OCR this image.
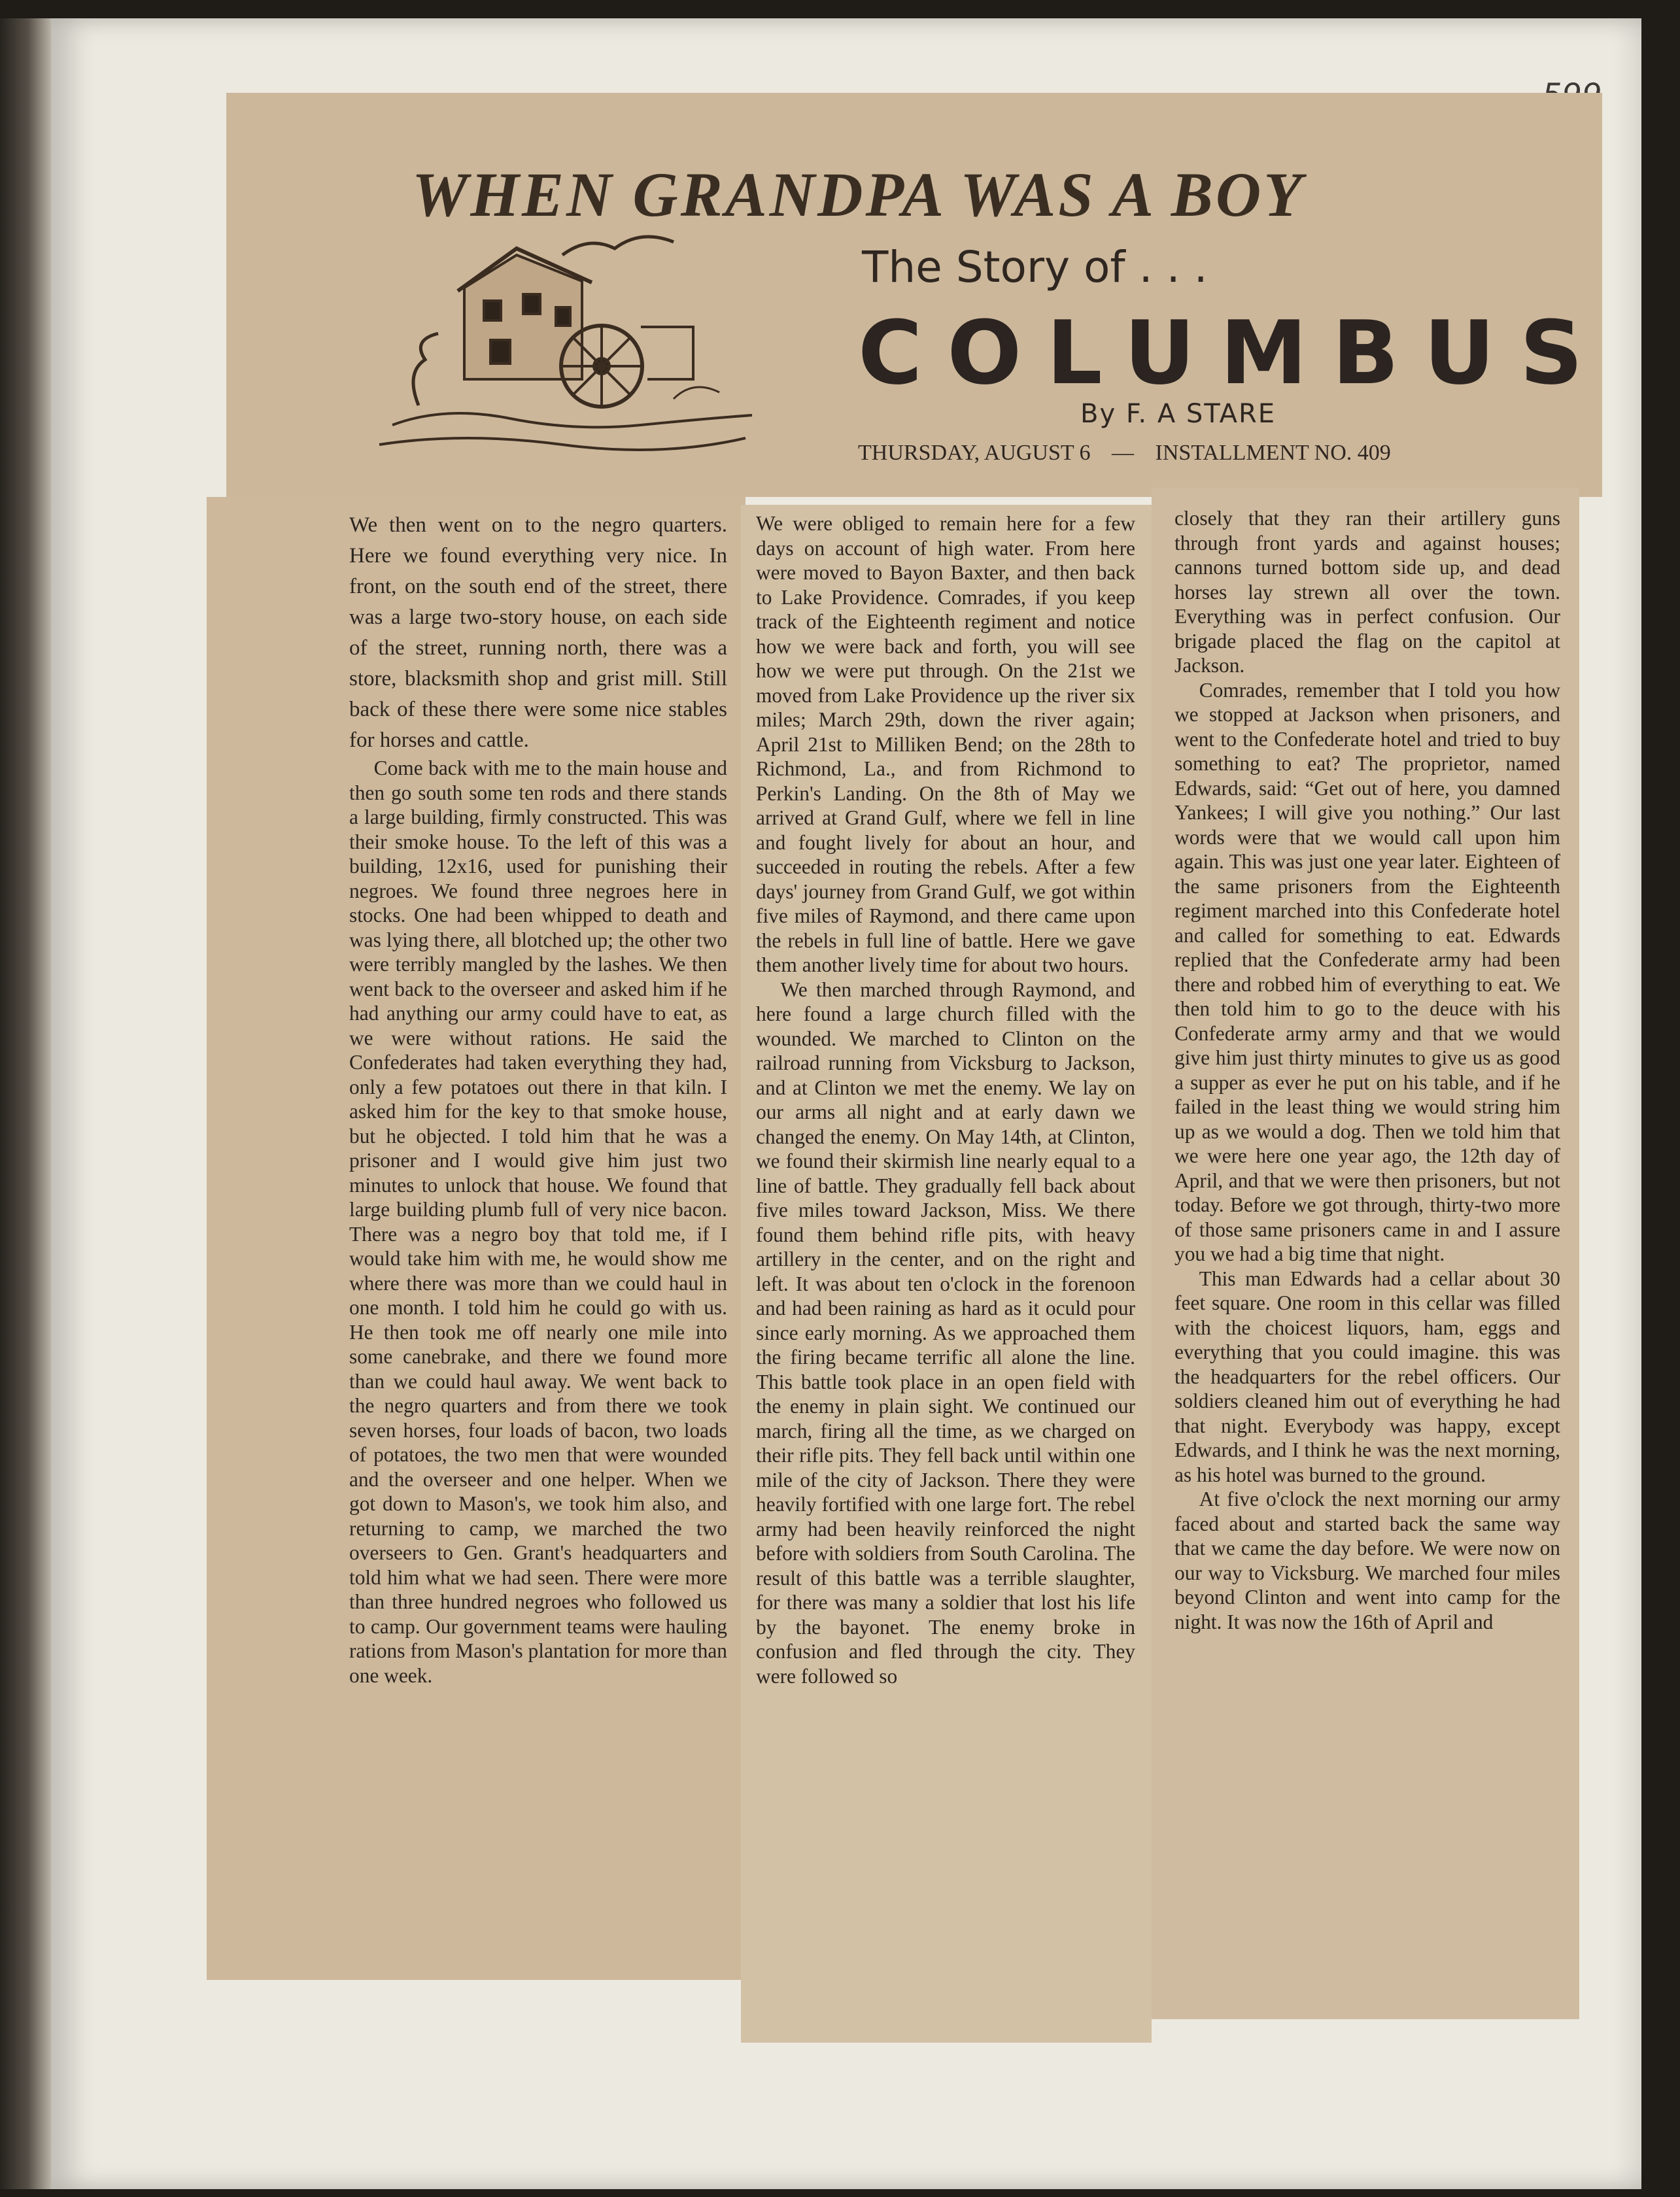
WHEN GRANDPA WAS A BOY
The Story of . . .
COLUMBUS
By F. A STARE
THURSDAY, AUGUST 6 — INSTALLMENT NO. 409

We then went on to the negro quarters. Here we found everything very nice. In front, on the south end of the street, there was a large two-story house, on each side of the street, running north, there was a store, blacksmith shop and grist mill. Still back of these there were some nice stables for horses and cattle.

Come back with me to the main house and then go south some ten rods and there stands a large building, firmly constructed. This was their smoke house. To the left of this was a building, 12x16, used for punishing their negroes. We found three negroes here in stocks. One had been whipped to death and was lying there, all blotched up; the other two were terribly mangled by the lashes. We then went back to the overseer and asked him if he had anything our army could have to eat, as we were without rations. He said the Confederates had taken everything they had, only a few potatoes out there in that kiln. I asked him for the key to that smoke house, but he objected. I told him that he was a prisoner and I would give him just two minutes to unlock that house. We found that large building plumb full of very nice bacon. There was a negro boy that told me, if I would take him with me, he would show me where there was more than we could haul in one month. I told him he could go with us. He then took me off nearly one mile into some canebrake, and there we found more than we could haul away. We went back to the negro quarters and from there we took seven horses, four loads of bacon, two loads of potatoes, the two men that were wounded and the overseer and one helper. When we got down to Mason's, we took him also, and returning to camp, we marched the two overseers to Gen. Grant's headquarters and told him what we had seen. There were more than three hundred negroes who followed us to camp. Our government teams were hauling rations from Mason's plantation for more than one week.

We were obliged to remain here for a few days on account of high water. From here were moved to Bayon Baxter, and then back to Lake Providence. Comrades, if you keep track of the Eighteenth regiment and notice how we were back and forth, you will see how we were put through. On the 21st we moved from Lake Providence up the river six miles; March 29th, down the river again; April 21st to Milliken Bend; on the 28th to Richmond, La., and from Richmond to Perkin's Landing. On the 8th of May we arrived at Grand Gulf, where we fell in line and fought lively for about an hour, and succeeded in routing the rebels. After a few days' journey from Grand Gulf, we got within five miles of Raymond, and there came upon the rebels in full line of battle. Here we gave them another lively time for about two hours.

We then marched through Raymond, and here found a large church filled with the wounded. We marched to Clinton on the railroad running from Vicksburg to Jackson, and at Clinton we met the enemy. We lay on our arms all night and at early dawn we changed the enemy. On May 14th, at Clinton, we found their skirmish line nearly equal to a line of battle. They gradually fell back about five miles toward Jackson, Miss. We there found them behind rifle pits, with heavy artillery in the center, and on the right and left. It was about ten o'clock in the forenoon and had been raining as hard as it oculd pour since early morning. As we approached them the firing became terrific all alone the line. This battle took place in an open field with the enemy in plain sight. We continued our march, firing all the time, as we charged on their rifle pits. They fell back until within one mile of the city of Jackson. There they were heavily fortified with one large fort. The rebel army had been heavily reinforced the night before with soldiers from South Carolina. The result of this battle was a terrible slaughter, for there was many a soldier that lost his life by the bayonet. The enemy broke in confusion and fled through the city. They were followed so

closely that they ran their artillery guns through front yards and against houses; cannons turned bottom side up, and dead horses lay strewn all over the town. Everything was in perfect confusion. Our brigade placed the flag on the capitol at Jackson.

Comrades, remember that I told you how we stopped at Jackson when prisoners, and went to the Confederate hotel and tried to buy something to eat? The proprietor, named Edwards, said: “Get out of here, you damned Yankees; I will give you nothing.” Our last words were that we would call upon him again. This was just one year later. Eighteen of the same prisoners from the Eighteenth regiment marched into this Confederate hotel and called for something to eat. Edwards replied that the Confederate army had been there and robbed him of everything to eat. We then told him to go to the deuce with his Confederate army army and that we would give him just thirty minutes to give us as good a supper as ever he put on his table, and if he failed in the least thing we would string him up as we would a dog. Then we told him that we were here one year ago, the 12th day of April, and that we were then prisoners, but not today. Before we got through, thirty-two more of those same prisoners came in and I assure you we had a big time that night.

This man Edwards had a cellar about 30 feet square. One room in this cellar was filled with the choicest liquors, ham, eggs and everything that you could imagine. this was the headquarters for the rebel officers. Our soldiers cleaned him out of everything he had that night. Everybody was happy, except Edwards, and I think he was the next morning, as his hotel was burned to the ground.

At five o'clock the next morning our army faced about and started back the same way that we came the day before. We were now on our way to Vicksburg. We marched four miles beyond Clinton and went into camp for the night. It was now the 16th of April and
